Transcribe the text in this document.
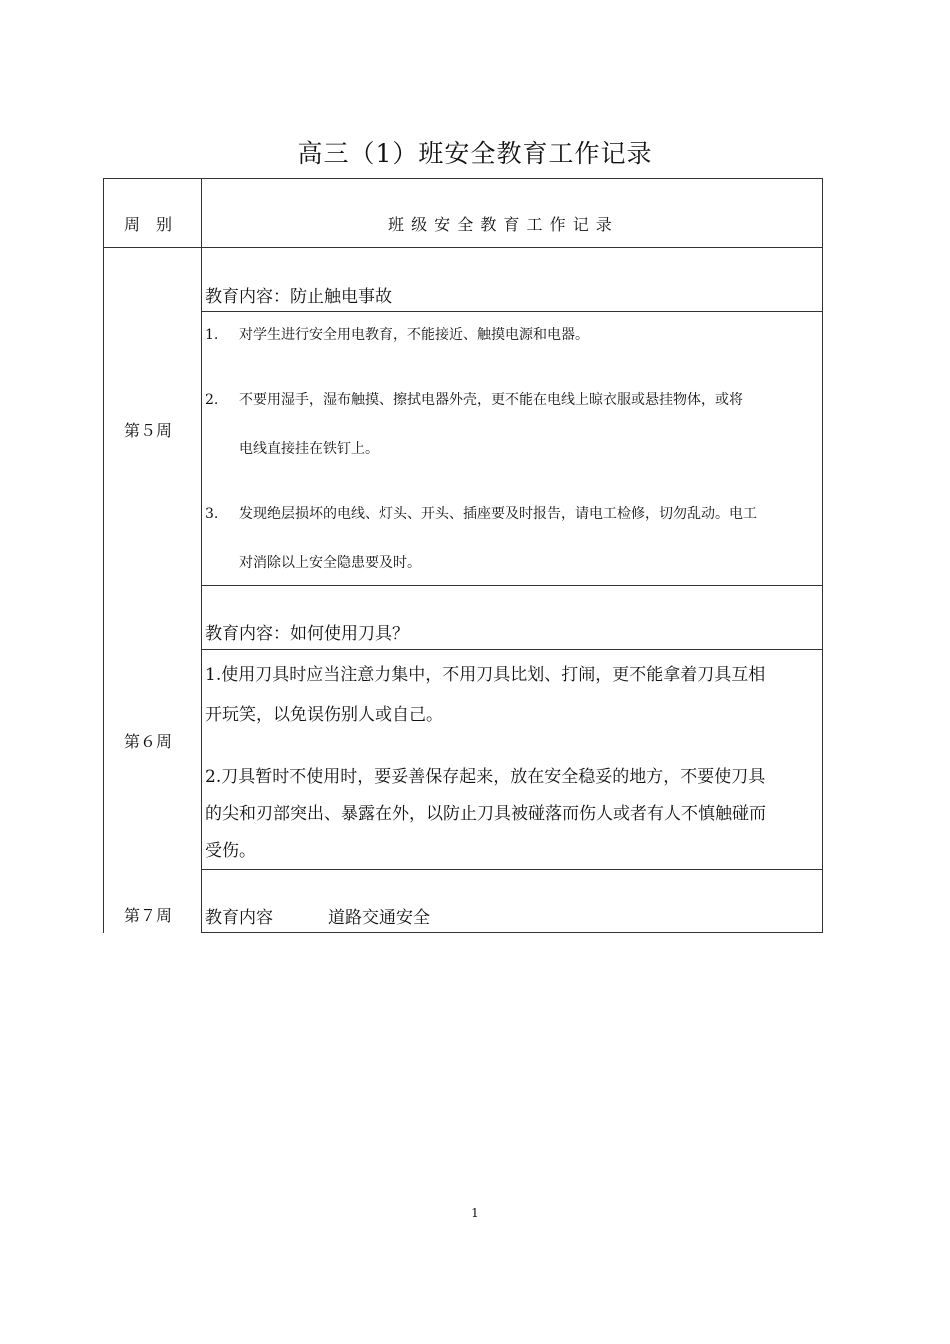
高三（1）班安全教育工作记录
周　别	班 级 安 全 教 育 工 作 记 录
第５周
教育内容：防止触电事故
1. 对学生进行安全用电教育，不能接近、触摸电源和电器。
2. 不要用湿手，湿布触摸、擦拭电器外壳，更不能在电线上晾衣服或悬挂物体，或将
电线直接挂在铁钉上。
3. 发现绝层损坏的电线、灯头、开头、插座要及时报告，请电工检修，切勿乱动。电工
对消除以上安全隐患要及时。
第６周
教育内容：如何使用刀具？
1.使用刀具时应当注意力集中，不用刀具比划、打闹，更不能拿着刀具互相
开玩笑，以免误伤别人或自己。
2.刀具暂时不使用时，要妥善保存起来，放在安全稳妥的地方，不要使刀具
的尖和刃部突出、暴露在外，以防止刀具被碰落而伤人或者有人不慎触碰而
受伤。
第７周 教育内容	道路交通安全
1
